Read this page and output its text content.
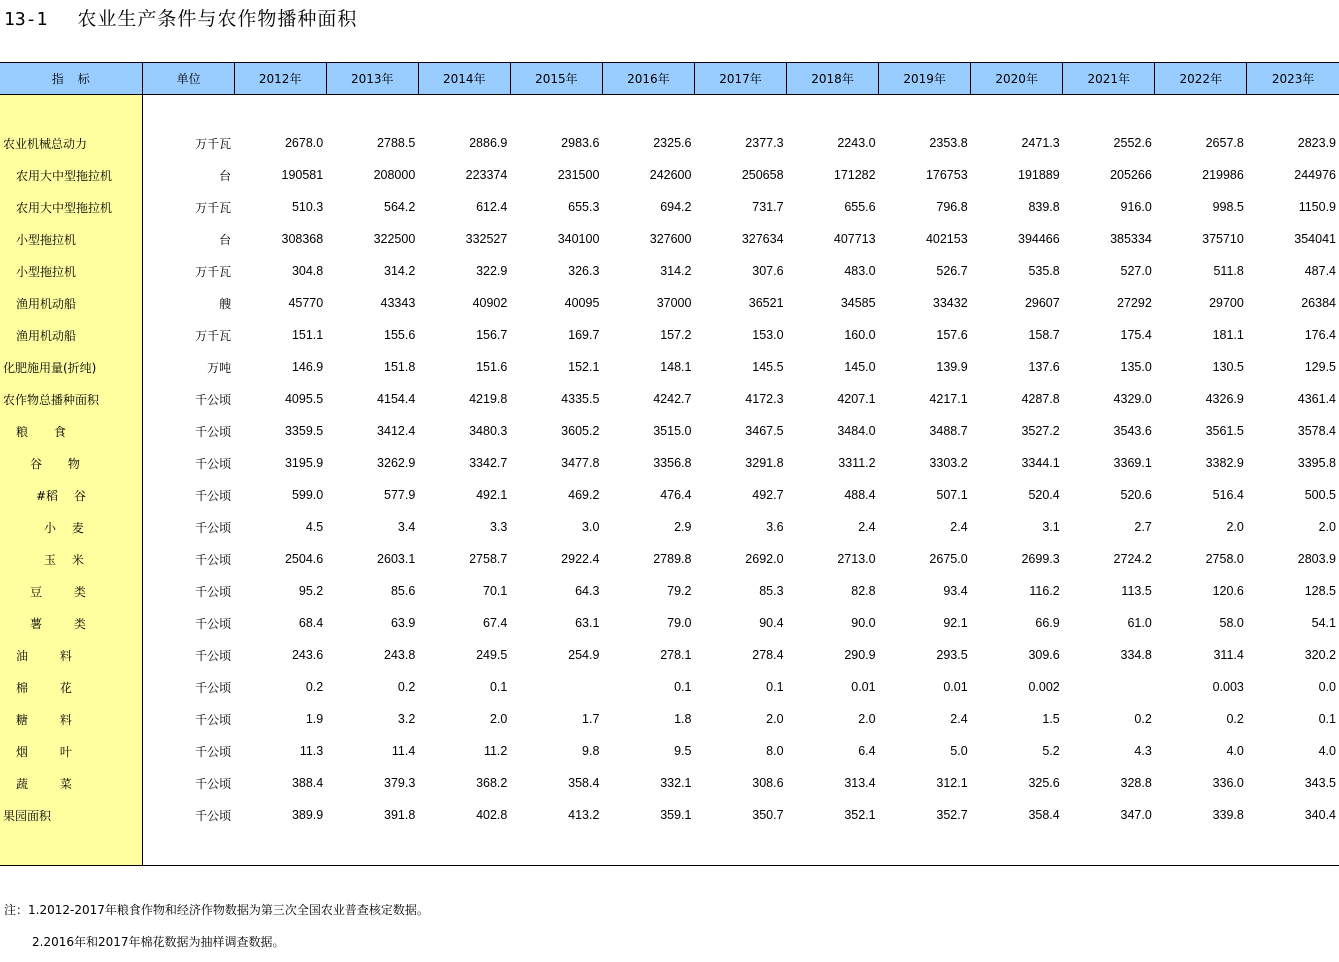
13-1 农业生产条件与农作物播种面积
指标	单位	2012年	2013年	2014年	2015年	2016年	2017年	2018年	2019年	2020年	2021年	2022年	2023年

农业机械总动力	万千瓦	2678.0	2788.5	2886.9	2983.6	2325.6	2377.3	2243.0	2353.8	2471.3	2552.6	2657.8	2823.9
农用大中型拖拉机	台	190581	208000	223374	231500	242600	250658	171282	176753	191889	205266	219986	244976
农用大中型拖拉机	万千瓦	510.3	564.2	612.4	655.3	694.2	731.7	655.6	796.8	839.8	916.0	998.5	1150.9
小型拖拉机	台	308368	322500	332527	340100	327600	327634	407713	402153	394466	385334	375710	354041
小型拖拉机	万千瓦	304.8	314.2	322.9	326.3	314.2	307.6	483.0	526.7	535.8	527.0	511.8	487.4
渔用机动船	艘	45770	43343	40902	40095	37000	36521	34585	33432	29607	27292	29700	26384
渔用机动船	万千瓦	151.1	155.6	156.7	169.7	157.2	153.0	160.0	157.6	158.7	175.4	181.1	176.4
化肥施用量(折纯)	万吨	146.9	151.8	151.6	152.1	148.1	145.5	145.0	139.9	137.6	135.0	130.5	129.5
农作物总播种面积	千公顷	4095.5	4154.4	4219.8	4335.5	4242.7	4172.3	4207.1	4217.1	4287.8	4329.0	4326.9	4361.4
粮 食	千公顷	3359.5	3412.4	3480.3	3605.2	3515.0	3467.5	3484.0	3488.7	3527.2	3543.6	3561.5	3578.4
谷 物	千公顷	3195.9	3262.9	3342.7	3477.8	3356.8	3291.8	3311.2	3303.2	3344.1	3369.1	3382.9	3395.8
#稻 谷	千公顷	599.0	577.9	492.1	469.2	476.4	492.7	488.4	507.1	520.4	520.6	516.4	500.5
小 麦	千公顷	4.5	3.4	3.3	3.0	2.9	3.6	2.4	2.4	3.1	2.7	2.0	2.0
玉 米	千公顷	2504.6	2603.1	2758.7	2922.4	2789.8	2692.0	2713.0	2675.0	2699.3	2724.2	2758.0	2803.9
豆 类	千公顷	95.2	85.6	70.1	64.3	79.2	85.3	82.8	93.4	116.2	113.5	120.6	128.5
薯 类	千公顷	68.4	63.9	67.4	63.1	79.0	90.4	90.0	92.1	66.9	61.0	58.0	54.1
油 料	千公顷	243.6	243.8	249.5	254.9	278.1	278.4	290.9	293.5	309.6	334.8	311.4	320.2
棉 花	千公顷	0.2	0.2	0.1		0.1	0.1	0.01	0.01	0.002		0.003	0.0
糖 料	千公顷	1.9	3.2	2.0	1.7	1.8	2.0	2.0	2.4	1.5	0.2	0.2	0.1
烟 叶	千公顷	11.3	11.4	11.2	9.8	9.5	8.0	6.4	5.0	5.2	4.3	4.0	4.0
蔬 菜	千公顷	388.4	379.3	368.2	358.4	332.1	308.6	313.4	312.1	325.6	328.8	336.0	343.5
果园面积	千公顷	389.9	391.8	402.8	413.2	359.1	350.7	352.1	352.7	358.4	347.0	339.8	340.4

注：1.2012-2017年粮食作物和经济作物数据为第三次全国农业普查核定数据。
2.2016年和2017年棉花数据为抽样调查数据。
